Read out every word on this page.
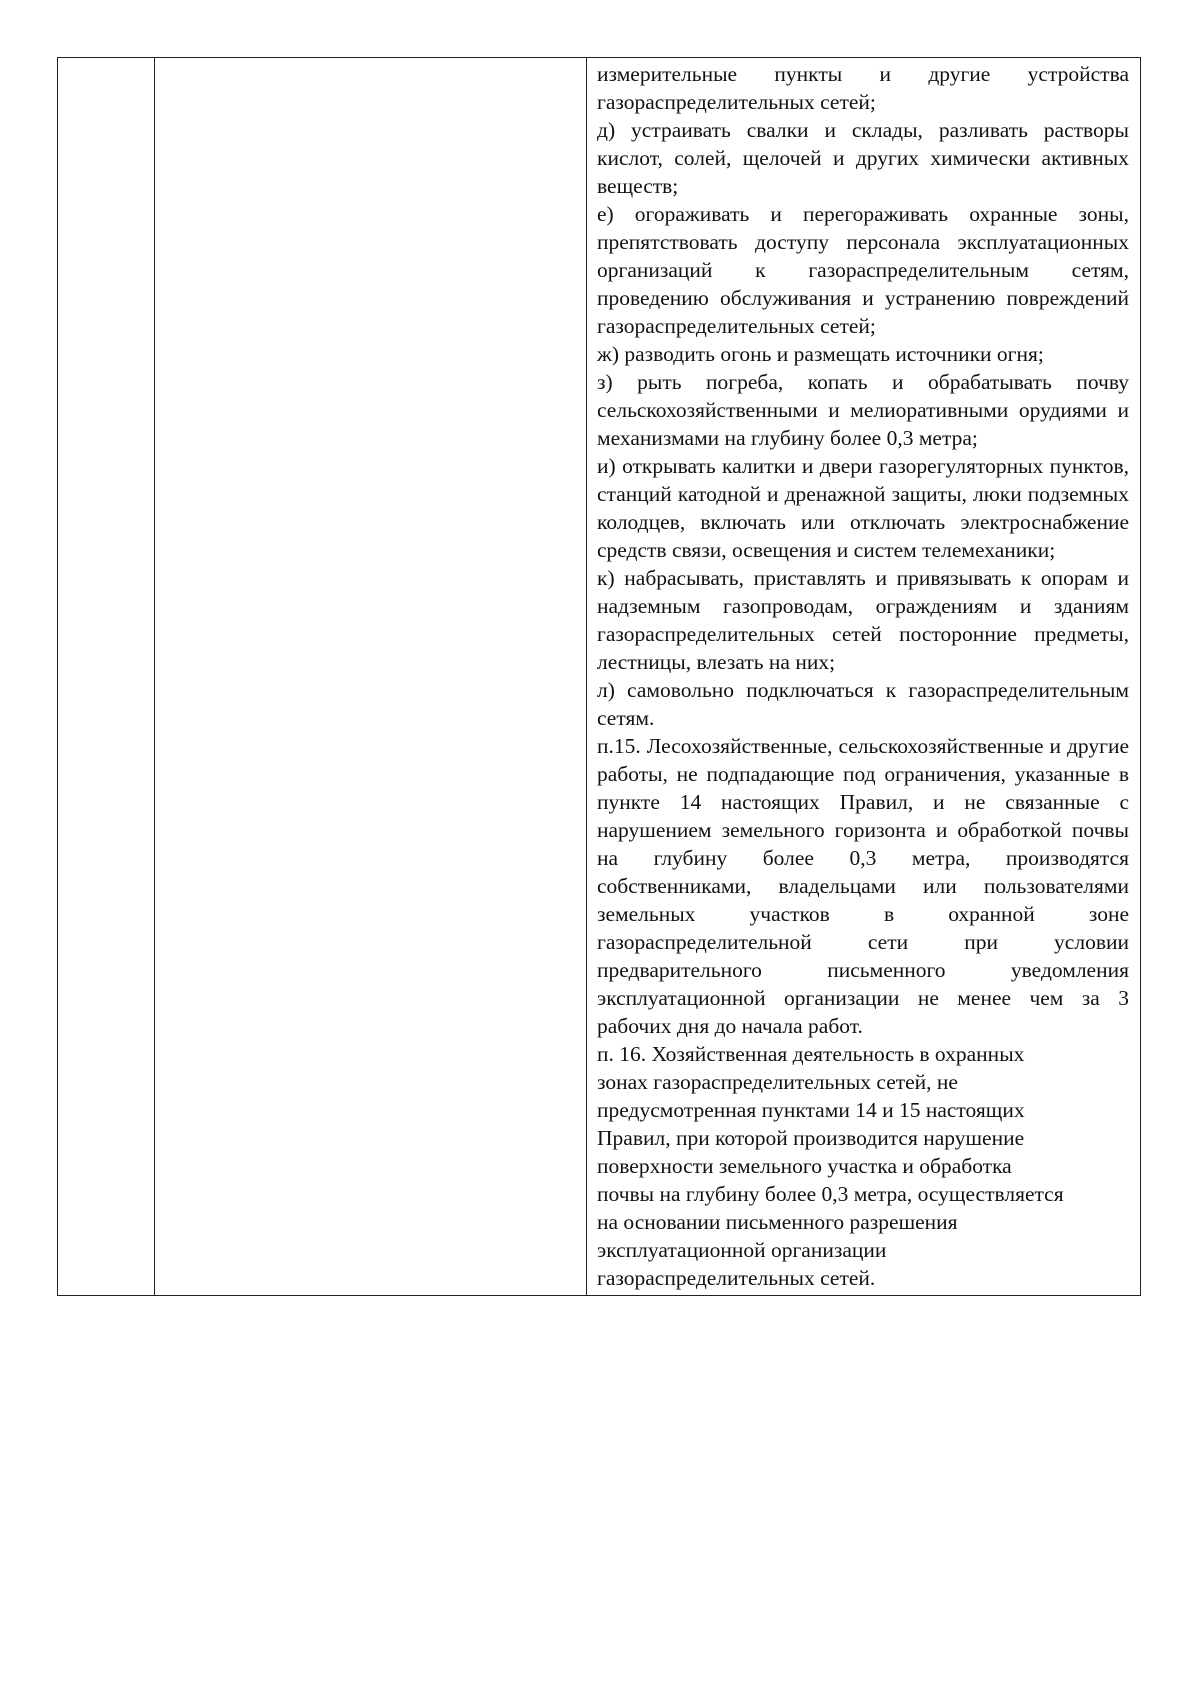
измерительные пункты и другие устройства газораспределительных сетей;

д) устраивать свалки и склады, разливать растворы кислот, солей, щелочей и других химически активных веществ;

е) огораживать и перегораживать охранные зоны, препятствовать доступу персонала эксплуатационных организаций к газораспределительным сетям, проведению обслуживания и устранению повреждений газораспределительных сетей;

ж) разводить огонь и размещать источники огня;

з) рыть погреба, копать и обрабатывать почву сельскохозяйственными и мелиоративными орудиями и механизмами на глубину более 0,3 метра;

и) открывать калитки и двери газорегуляторных пунктов, станций катодной и дренажной защиты, люки подземных колодцев, включать или отключать электроснабжение средств связи, освещения и систем телемеханики;

к) набрасывать, приставлять и привязывать к опорам и надземным газопроводам, ограждениям и зданиям газораспределительных сетей посторонние предметы, лестницы, влезать на них;

л) самовольно подключаться к газораспределительным сетям.

п.15. Лесохозяйственные, сельскохозяйственные и другие работы, не подпадающие под ограничения, указанные в пункте 14 настоящих Правил, и не связанные с нарушением земельного горизонта и обработкой почвы на глубину более 0,3 метра, производятся собственниками, владельцами или пользователями земельных участков в охранной зоне газораспределительной сети при условии предварительного письменного уведомления эксплуатационной организации не менее чем за 3 рабочих дня до начала работ.

п. 16. Хозяйственная деятельность в охранных

зонах газораспределительных сетей, не

предусмотренная пунктами 14 и 15 настоящих

Правил, при которой производится нарушение

поверхности земельного участка и обработка

почвы на глубину более 0,3 метра, осуществляется

на основании письменного разрешения

эксплуатационной организации

газораспределительных сетей.
